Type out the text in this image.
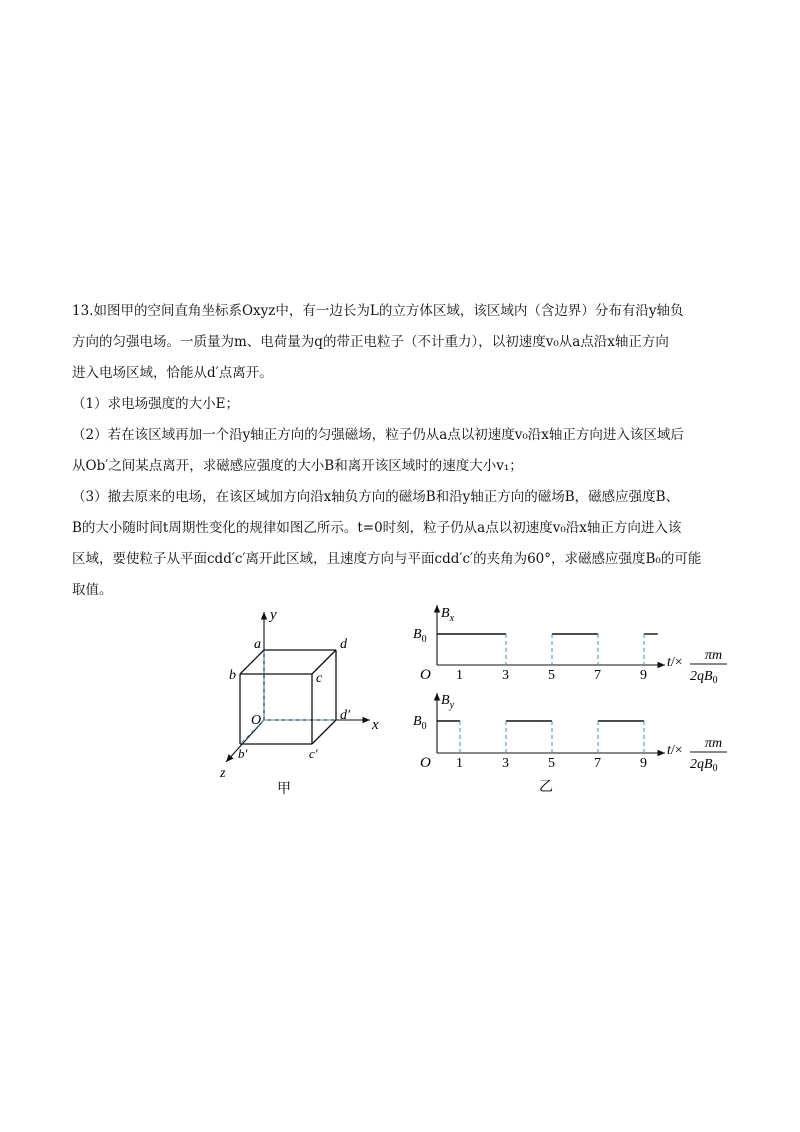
13.如图甲的空间直角坐标系Oxyz中，有一边长为L的立方体区域，该区域内（含边界）分布有沿y轴负

方向的匀强电场。一质量为m、电荷量为q的带正电粒子（不计重力），以初速度v₀从a点沿x轴正方向

进入电场区域，恰能从d′点离开。

（1）求电场强度的大小E；

（2）若在该区域再加一个沿y轴正方向的匀强磁场，粒子仍从a点以初速度v₀沿x轴正方向进入该区域后

从Ob′之间某点离开，求磁感应强度的大小B和离开该区域时的速度大小v₁；

（3）撤去原来的电场，在该区域加方向沿x轴负方向的磁场B和沿y轴正方向的磁场B，磁感应强度B、

B的大小随时间t周期性变化的规律如图乙所示。t=0时刻，粒子仍从a点以初速度v₀沿x轴正方向进入该

区域，要使粒子从平面cdd′c′离开此区域，且速度方向与平面cdd′c′的夹角为60°，求磁感应强度B₀的可能

取值。

y
x
z
a	d
b	c
O	d′
b′	c′
甲
$B_x$
$B_0$
O 1	3	5	7	9
t/× πm
$2qB_0$
$B_y$
$B_0$
O 1	3	5	7	9
t/× πm
$2qB_0$
乙
